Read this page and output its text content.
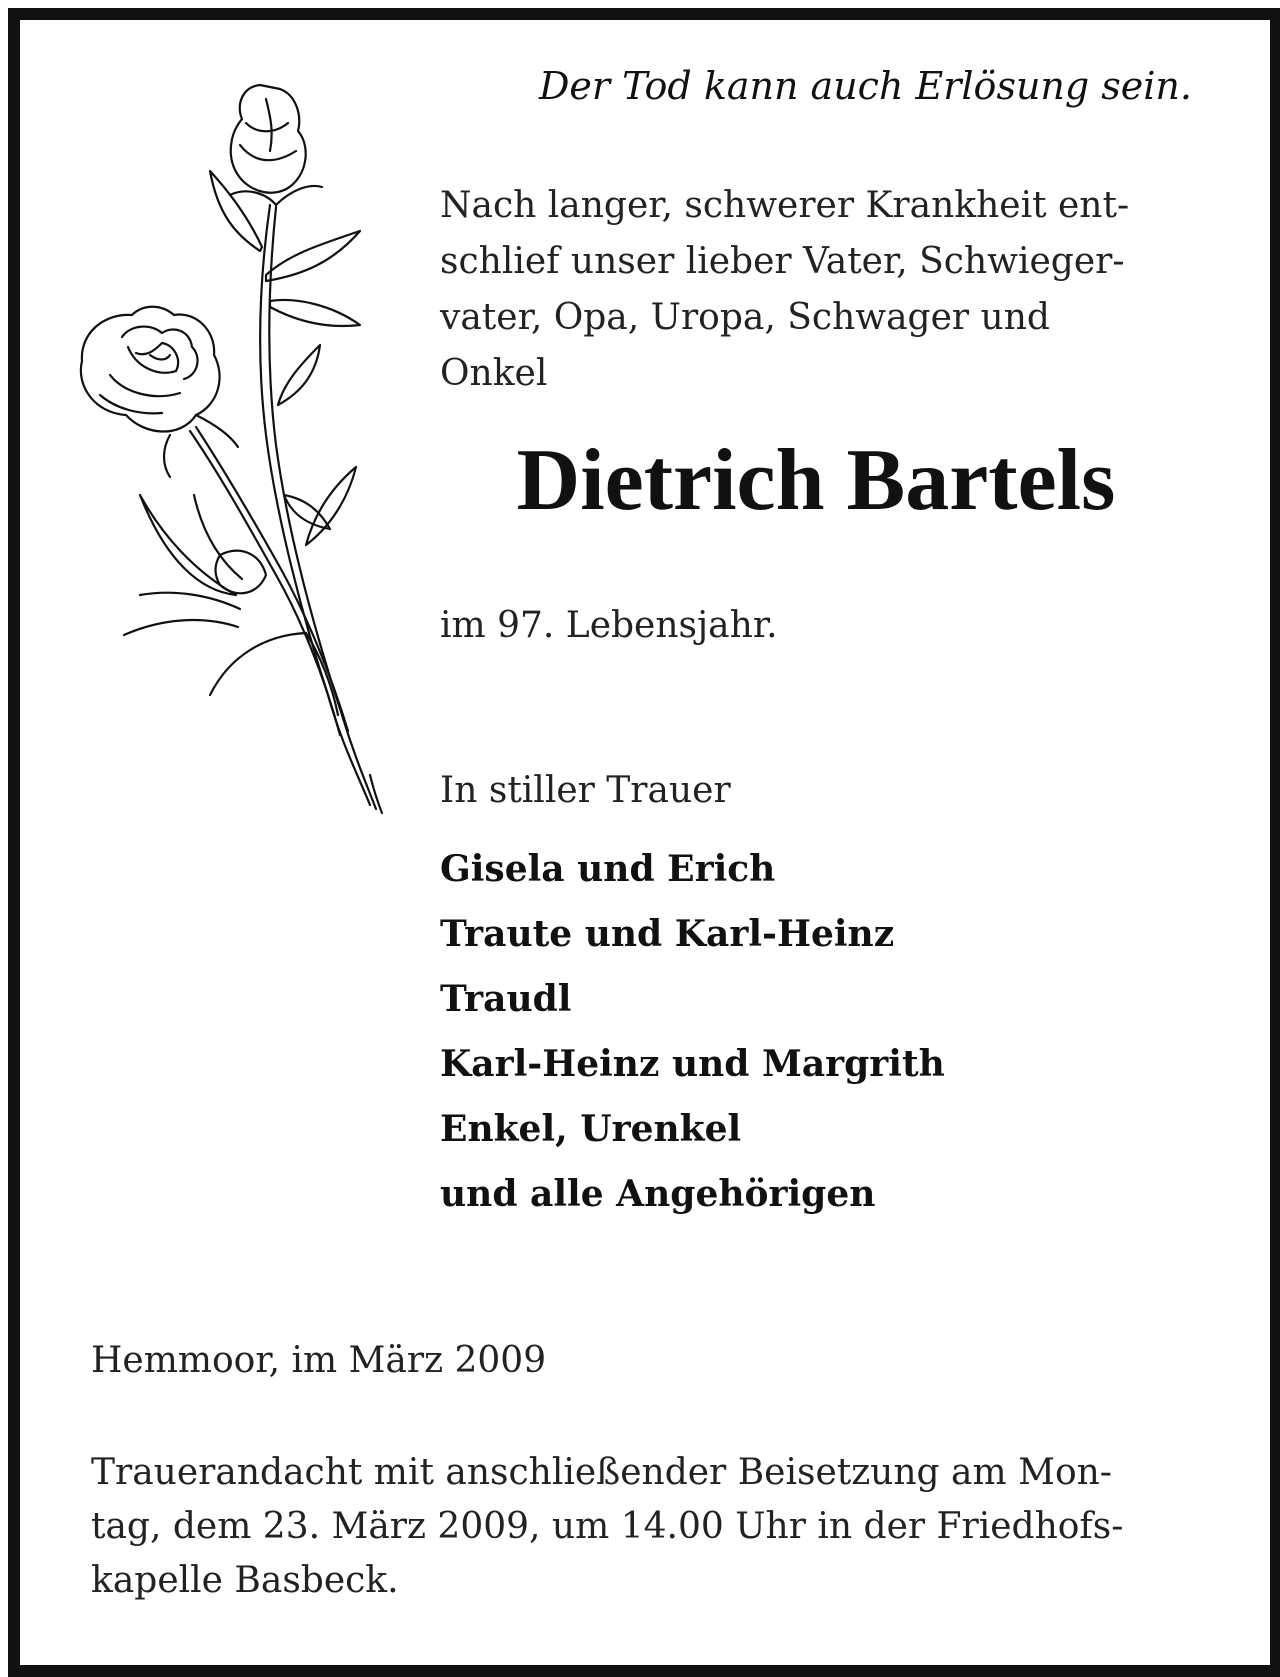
Der Tod kann auch Erlösung sein.
Nach langer, schwerer Krankheit ent-
schlief unser lieber Vater, Schwieger-
vater, Opa, Uropa, Schwager und
Onkel
Dietrich Bartels
im 97. Lebensjahr.
In stiller Trauer
Gisela und Erich
Traute und Karl-Heinz
Traudl
Karl-Heinz und Margrith
Enkel, Urenkel
und alle Angehörigen
Hemmoor, im März 2009
Trauerandacht mit anschließender Beisetzung am Mon-
tag, dem 23. März 2009, um 14.00 Uhr in der Friedhofs-
kapelle Basbeck.
